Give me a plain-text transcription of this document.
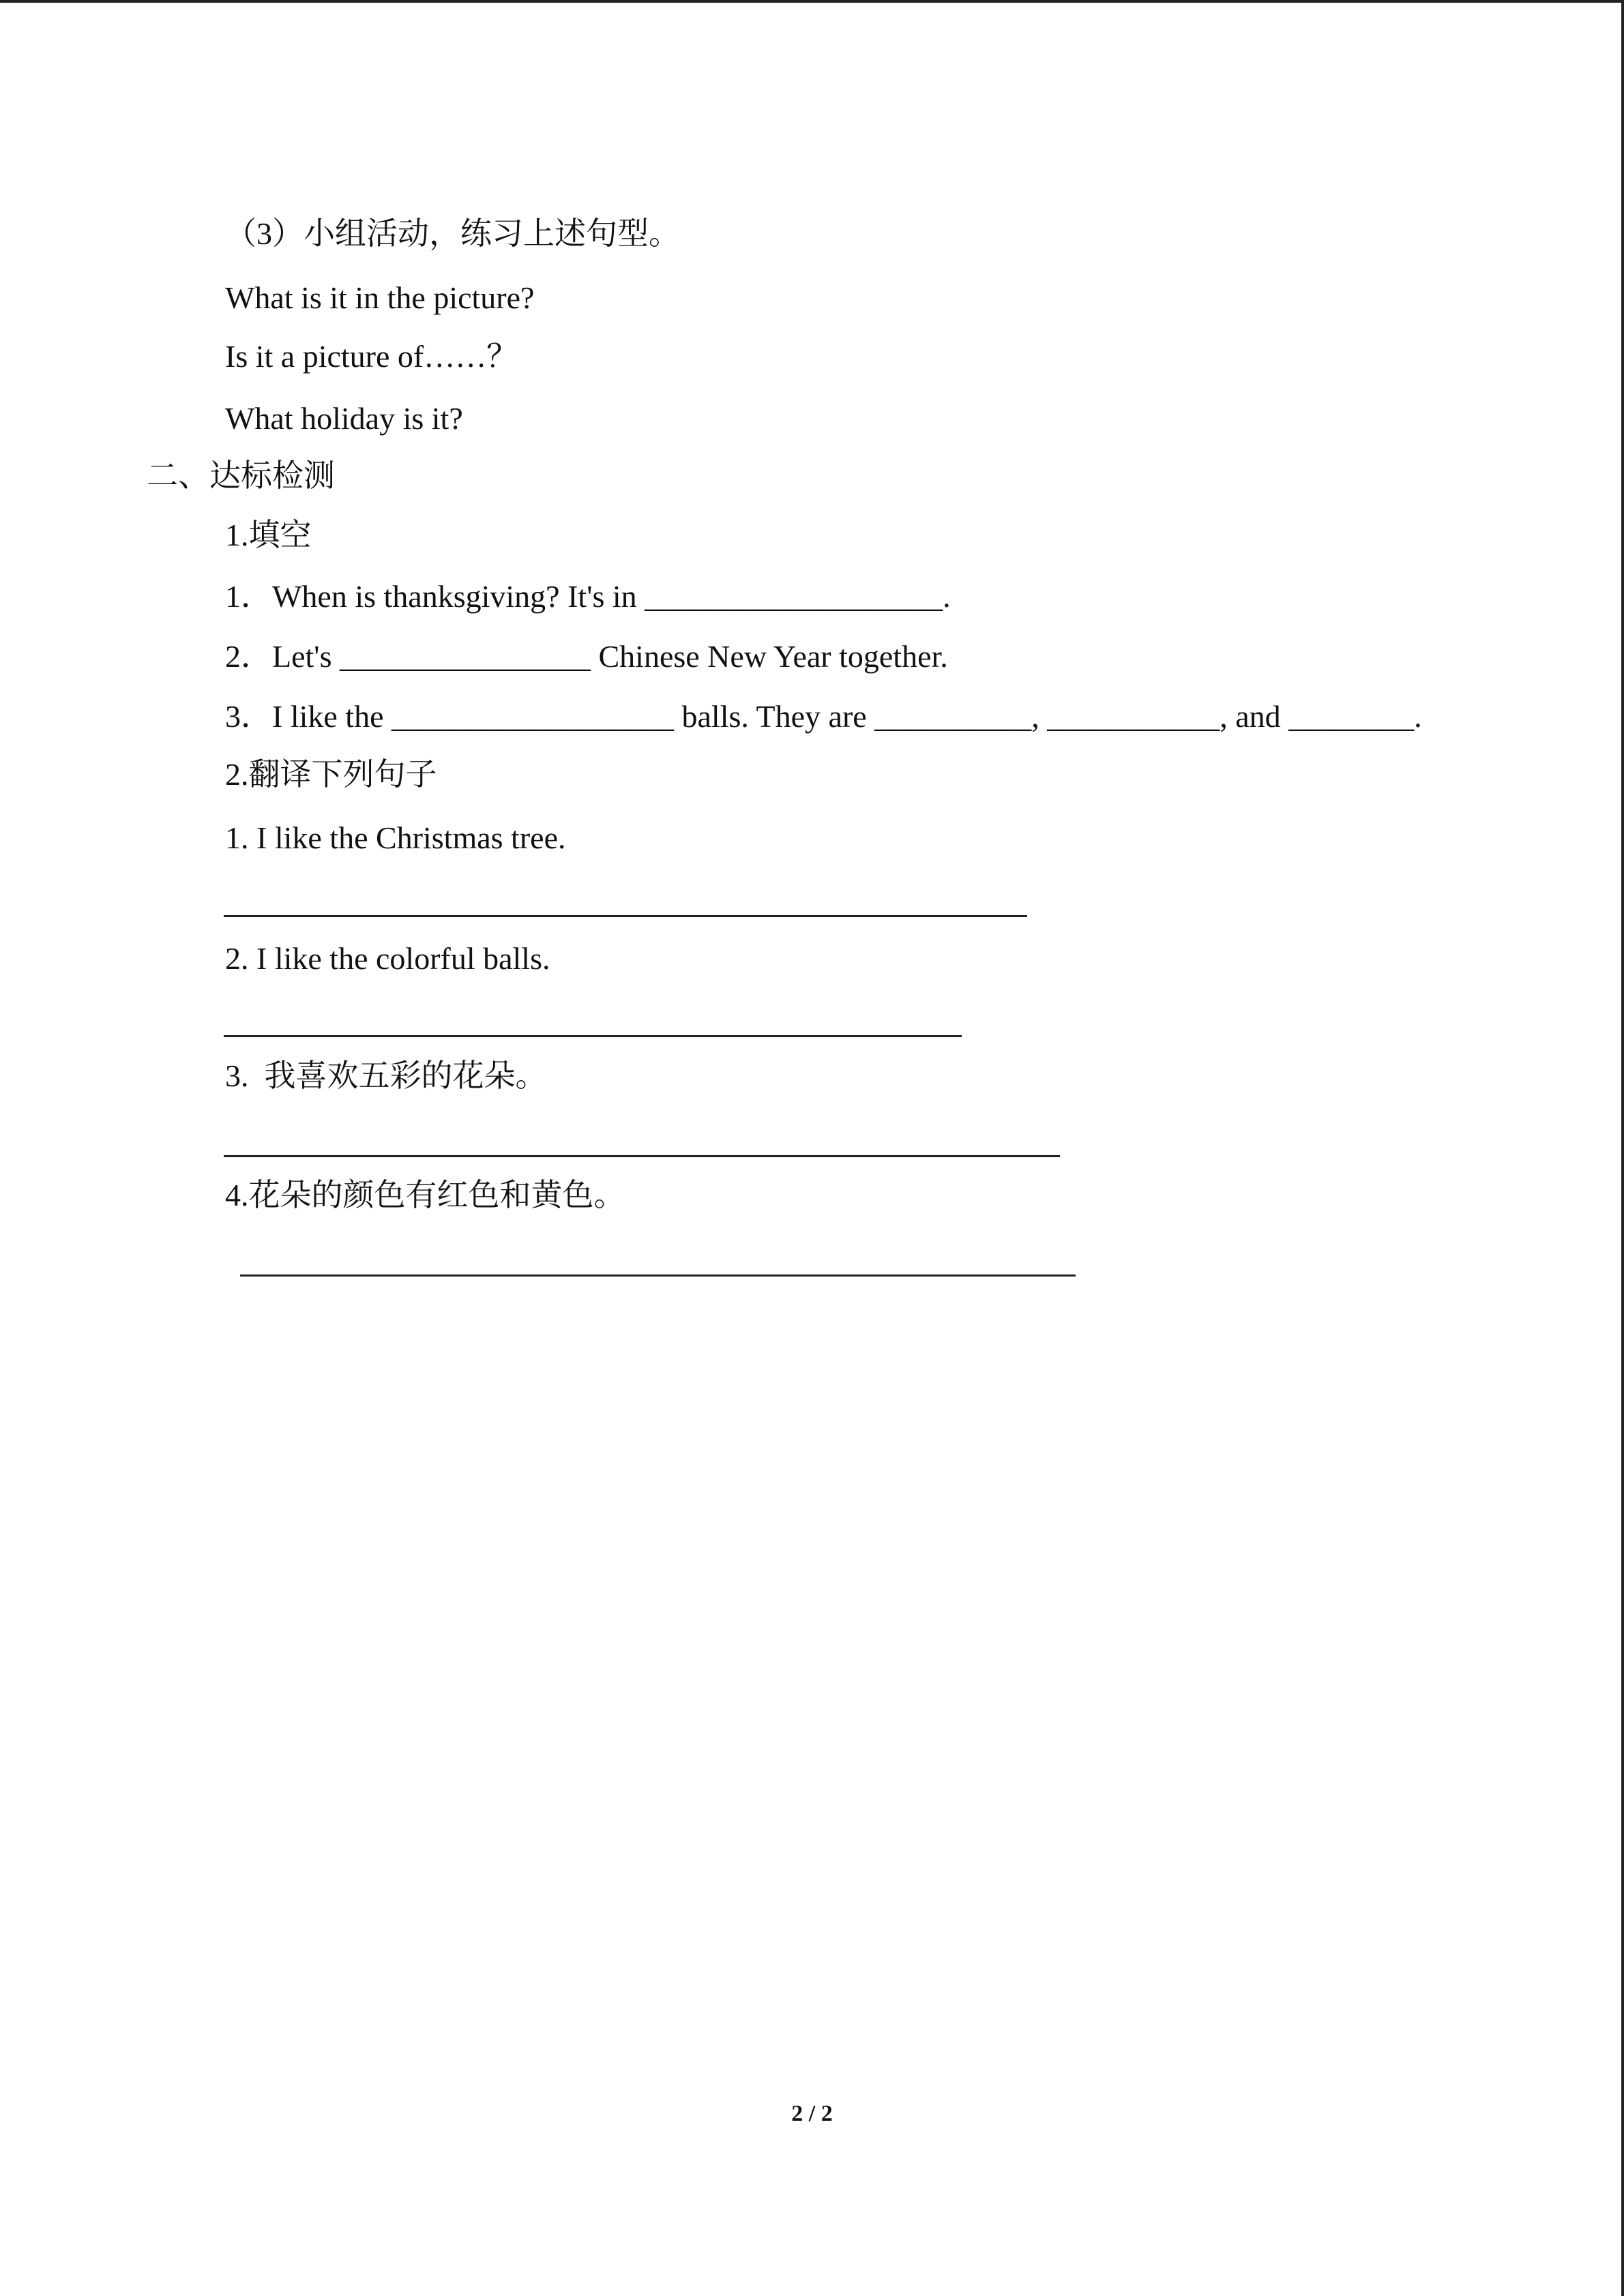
（3）小组活动，练习上述句型。
What is it in the picture?
Is it a picture of……？
What holiday is it?
二、达标检测
1.填空
1．When is thanksgiving? It's in ___________________.
2．Let's ________________ Chinese New Year together.
3．I like the __________________ balls. They are __________, ___________, and ________.
2.翻译下列句子
1. I like the Christmas tree.
2. I like the colorful balls.
3.  我喜欢五彩的花朵。
4.花朵的颜色有红色和黄色。
2 / 2
